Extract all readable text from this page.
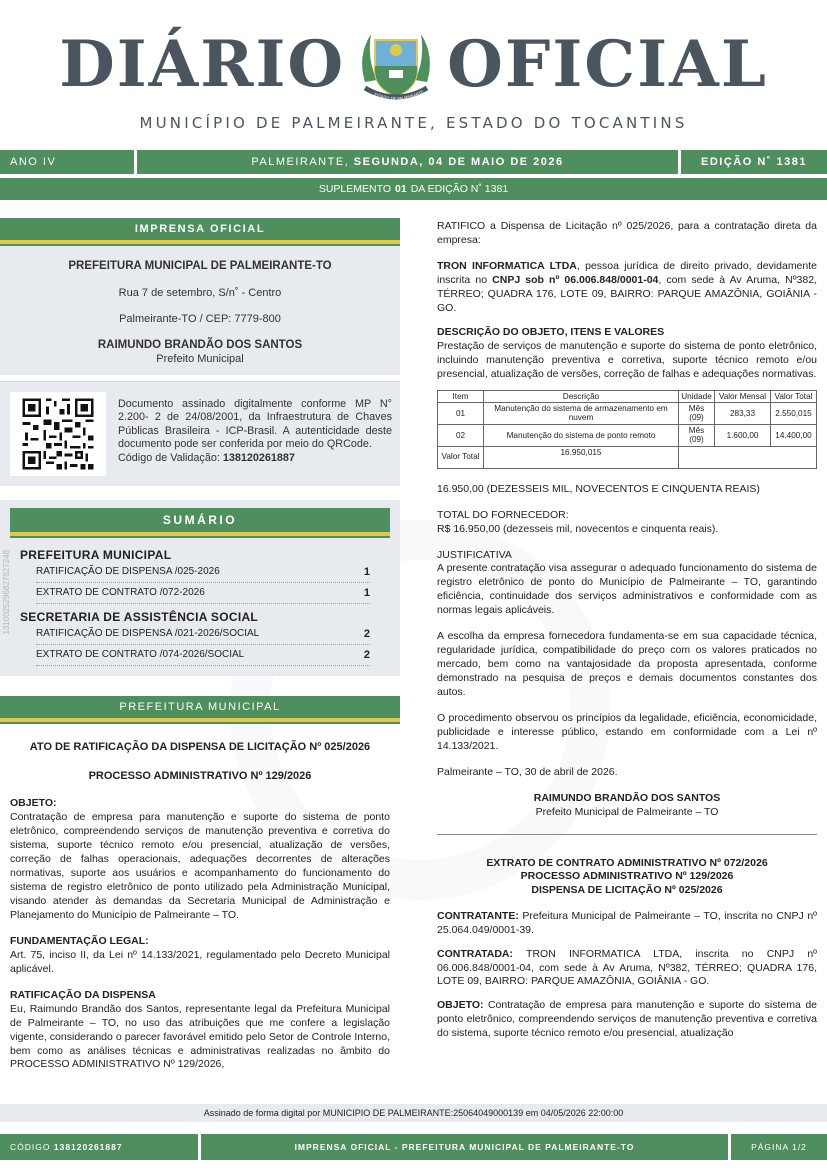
DIÁRIO	ESTADO DE PALMEIRANTE OFICIAL
MUNICÍPIO DE PALMEIRANTE, ESTADO DO TOCANTINS
ANO IV	PALMEIRANTE,
SEGUNDA, 04 DE MAIO DE 2026	EDIÇÃO N˚ 1381
SUPLEMENTO 01 DA EDIÇÃO N˚ 1381
IMPRENSA OFICIAL
PREFEITURA MUNICIPAL DE PALMEIRANTE-TO
Rua 7 de setembro, S/n˚ - Centro
Palmeirante-TO / CEP: 7779-800
RAIMUNDO BRANDÃO DOS SANTOS
Prefeito Municipal
Documento assinado digitalmente conforme MP N° 2.200- 2 de 24/08/2001, da Infraestrutura de Chaves Públicas Brasileira - ICP-Brasil. A autenticidade deste documento pode ser conferida por meio do QRCode.
Código de Validação: 138120261887
1310025296827827248
SUMÁRIO
PREFEITURA MUNICIPAL
RATIFICAÇÃO DE DISPENSA /025-2026	1
EXTRATO DE CONTRATO /072-2026	1
SECRETARIA DE ASSISTÊNCIA SOCIAL
RATIFICAÇÃO DE DISPENSA /021-2026/SOCIAL	2
EXTRATO DE CONTRATO /074-2026/SOCIAL	2
PREFEITURA MUNICIPAL
ATO DE RATIFICAÇÃO DA DISPENSA DE LICITAÇÃO Nº 025/2026
PROCESSO ADMINISTRATIVO Nº 129/2026
OBJETO:

Contratação de empresa para manutenção e suporte do sistema de ponto eletrônico, compreendendo serviços de manutenção preventiva e corretiva do sistema, suporte técnico remoto e/ou presencial, atualização de versões, correção de falhas operacionais, adequações decorrentes de alterações normativas, suporte aos usuários e acompanhamento do funcionamento do sistema de registro eletrônico de ponto utilizado pela Administração Municipal, visando atender às demandas da Secretaria Municipal de Administração e Planejamento do Município de Palmeirante – TO.

FUNDAMENTAÇÃO LEGAL:

Art. 75, inciso II, da Lei nº 14.133/2021, regulamentado pelo Decreto Municipal aplicável.

RATIFICAÇÃO DA DISPENSA

Eu, Raimundo Brandão dos Santos, representante legal da Prefeitura Municipal de Palmeirante – TO, no uso das atribuições que me confere a legislação vigente, considerando o parecer favorável emitido pelo Setor de Controle Interno, bem como as análises técnicas e administrativas realizadas no âmbito do PROCESSO ADMINISTRATIVO Nº 129/2026,

RATIFICO a Dispensa de Licitação nº 025/2026, para a contratação direta da empresa:

TRON INFORMATICA LTDA, pessoa jurídica de direito privado, devidamente inscrita no CNPJ sob nº 06.006.848/0001-04, com sede à Av Aruma, Nº382, TÉRREO; QUADRA 176, LOTE 09, BAIRRO: PARQUE AMAZÔNIA, GOIÂNIA - GO.

DESCRIÇÃO DO OBJETO, ITENS E VALORES

Prestação de serviços de manutenção e suporte do sistema de ponto eletrônico, incluindo manutenção preventiva e corretiva, suporte técnico remoto e/ou presencial, atualização de versões, correção de falhas e adequações normativas.

Item	Descrição	Unidade	Valor Mensal	Valor Total
01	Manutenção do sistema de armazenamento em nuvem	Mês (09)	283,33	2.550,015
02	Manutenção do sistema de ponto remoto	Mês (09)	1.600,00	14.400,00
Valor Total	16.950,015			

16.950,00 (DEZESSEIS MIL, NOVECENTOS E CINQUENTA REAIS)

TOTAL DO FORNECEDOR:

R$ 16.950,00 (dezesseis mil, novecentos e cinquenta reais).

JUSTIFICATIVA

A presente contratação visa assegurar o adequado funcionamento do sistema de registro eletrônico de ponto do Município de Palmeirante – TO, garantindo eficiência, continuidade dos serviços administrativos e conformidade com as normas legais aplicáveis.

A escolha da empresa fornecedora fundamenta-se em sua capacidade técnica, regularidade jurídica, compatibilidade do preço com os valores praticados no mercado, bem como na vantajosidade da proposta apresentada, conforme demonstrado na pesquisa de preços e demais documentos constantes dos autos.

O procedimento observou os princípios da legalidade, eficiência, economicidade, publicidade e interesse público, estando em conformidade com a Lei nº 14.133/2021.

Palmeirante – TO, 30 de abril de 2026.

RAIMUNDO BRANDÃO DOS SANTOS
Prefeito Municipal de Palmeirante – TO
EXTRATO DE CONTRATO ADMINISTRATIVO Nº 072/2026
PROCESSO ADMINISTRATIVO Nº 129/2026
DISPENSA DE LICITAÇÃO Nº 025/2026

CONTRATANTE: Prefeitura Municipal de Palmeirante – TO, inscrita no CNPJ nº 25.064.049/0001-39.

CONTRATADA: TRON INFORMATICA LTDA, inscrita no CNPJ nº 06.006.848/0001-04, com sede à Av Aruma, Nº382, TÉRREO; QUADRA 176, LOTE 09, BAIRRO: PARQUE AMAZÔNIA, GOIÂNIA - GO.

OBJETO: Contratação de empresa para manutenção e suporte do sistema de ponto eletrônico, compreendendo serviços de manutenção preventiva e corretiva do sistema, suporte técnico remoto e/ou presencial, atualização

Assinado de forma digital por MUNICIPIO DE PALMEIRANTE:25064049000139 em 04/05/2026 22:00:00
CÓDIGO
138120261887	IMPRENSA OFICIAL - PREFEITURA MUNICIPAL DE PALMEIRANTE-TO	PÁGINA 1/2
